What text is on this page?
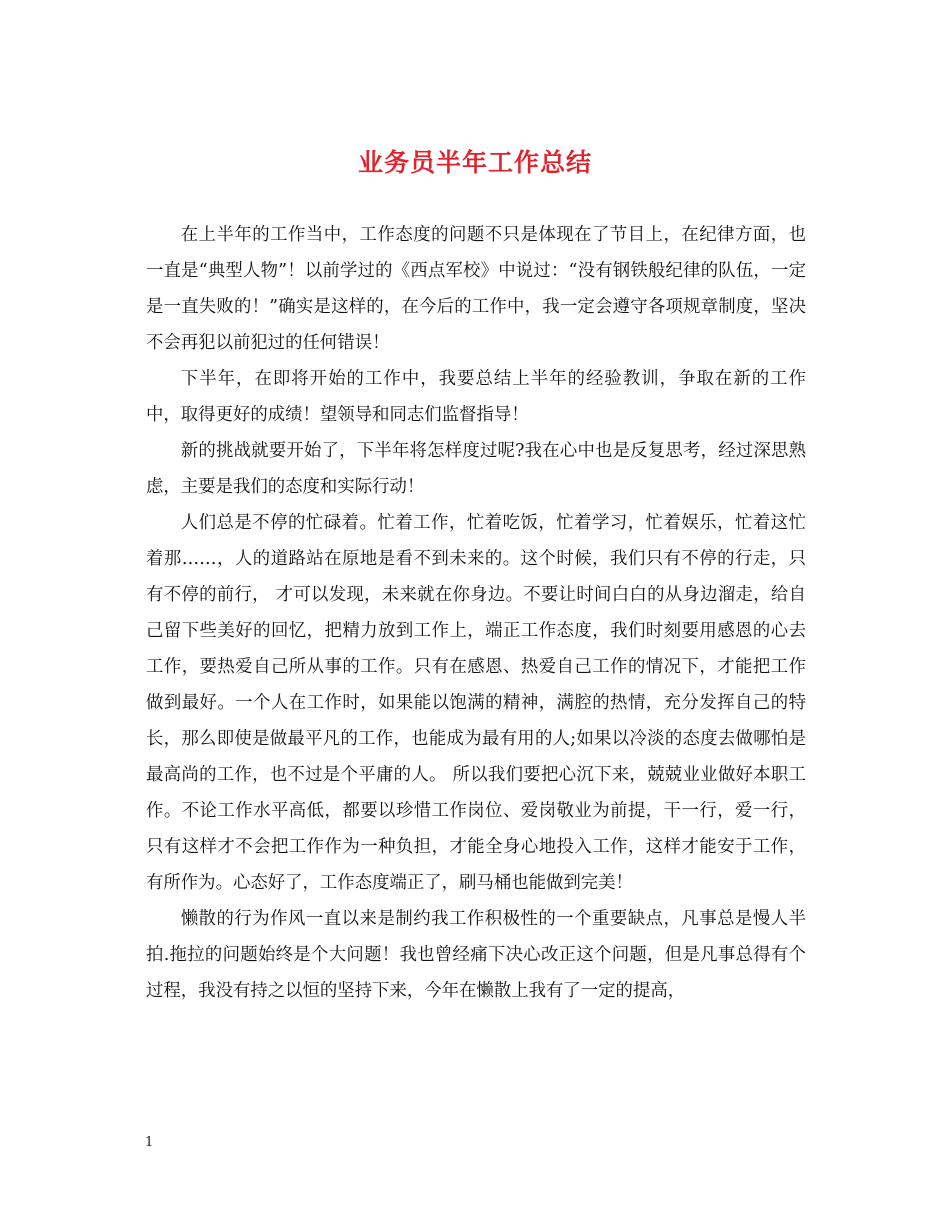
业务员半年工作总结

在上半年的工作当中，工作态度的问题不只是体现在了节目上，在纪律方面，也一直是“典型人物”！以前学过的《西点军校》中说过：“没有钢铁般纪律的队伍，一定是一直失败的！”确实是这样的，在今后的工作中，我一定会遵守各项规章制度，坚决不会再犯以前犯过的任何错误！

下半年，在即将开始的工作中，我要总结上半年的经验教训，争取在新的工作中，取得更好的成绩！望领导和同志们监督指导！

新的挑战就要开始了，下半年将怎样度过呢?我在心中也是反复思考，经过深思熟虑，主要是我们的态度和实际行动！

人们总是不停的忙碌着。忙着工作，忙着吃饭，忙着学习，忙着娱乐，忙着这忙着那……，人的道路站在原地是看不到未来的。这个时候，我们只有不停的行走，只有不停的前行， 才可以发现，未来就在你身边。不要让时间白白的从身边溜走，给自己留下些美好的回忆，把精力放到工作上，端正工作态度，我们时刻要用感恩的心去工作，要热爱自己所从事的工作。只有在感恩、热爱自己工作的情况下，才能把工作做到最好。一个人在工作时，如果能以饱满的精神，满腔的热情，充分发挥自己的特长，那么即使是做最平凡的工作，也能成为最有用的人;如果以冷淡的态度去做哪怕是最高尚的工作，也不过是个平庸的人。 所以我们要把心沉下来，兢兢业业做好本职工作。不论工作水平高低，都要以珍惜工作岗位、爱岗敬业为前提，干一行，爱一行，只有这样才不会把工作作为一种负担，才能全身心地投入工作，这样才能安于工作，有所作为。心态好了，工作态度端正了，刷马桶也能做到完美！

懒散的行为作风一直以来是制约我工作积极性的一个重要缺点，凡事总是慢人半拍.拖拉的问题始终是个大问题！我也曾经痛下决心改正这个问题，但是凡事总得有个过程，我没有持之以恒的坚持下来，今年在懒散上我有了一定的提高，

1
